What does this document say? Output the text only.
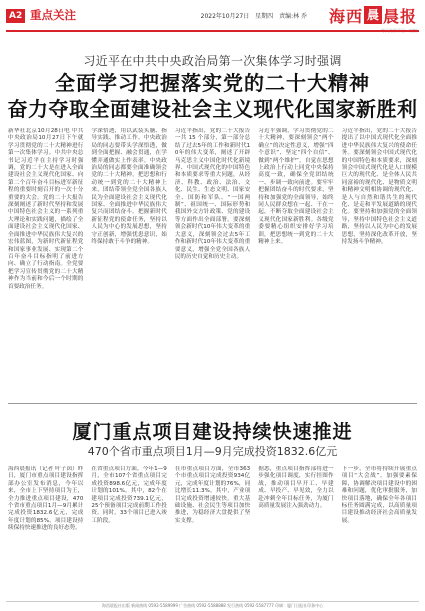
A2 重点关注	2022年10月27日 星期四 责编:林 乔 海西 晨 晨报
习近平在中共中央政治局第一次集体学习时强调
全面学习把握落实党的二十大精神
奋力夺取全面建设社会主义现代化国家新胜利
新华社北京10月28日电 中共中央政治局10月27日下午就学习贯彻党的二十大精神进行第一次集体学习。中共中央总书记习近平在主持学习时强调，党的二十大是在进入全面建设社会主义现代化国家、向第二个百年奋斗目标进军新征程的重要时刻召开的一次十分重要的大会。党的二十大报告深刻阐述了新时代坚持和发展中国特色社会主义的一系列重大理论和实践问题，描绘了全面建设社会主义现代化国家、全面推进中华民族伟大复兴的宏伟蓝图，为新时代新征程党和国家事业发展、实现第二个百年奋斗目标指明了前进方向、确立了行动指南。全党要把学习宣传贯彻党的二十大精神作为当前和今后一个时期的首要政治任务。
学深悟透，用以武装头脑、指导实践、推动工作。中央政治局的同志要带头学深悟透，做到全面把握、融会贯通，在学懂弄通做实上作表率。中央政治局的同志都要全面准确领会党的二十大精神，把思想和行动统一到党的二十大精神上来，团结带领全党全国各族人民为全面建设社会主义现代化国家、全面推进中华民族伟大复兴而团结奋斗。把握新时代新征程党的使命任务，坚持以人民为中心的发展思想，坚持守正创新，增强忧患意识，始终保持敢于斗争的精神。
习近平指出，党的二十大报告一共 15 个部分，第一部分总结了过去5年的工作和新时代10年的伟大变革，阐述了开辟马克思主义中国化时代化新境界、中国式现代化的中国特色和本质要求等重大问题，从经济、科教、政治、法治、文化、民生、生态文明、国家安全、国防和军队、“一国两制”、祖国统一、国际形势和我国外交方针政策、党的建设等方面作出全面部署。要深刻领会新时代10年伟大变革的重大意义，深刻领会过去5年工作和新时代10年伟大变革的重要意义，增强全党全国各族人民的历史自觉和历史主动。
习近平强调，学习贯彻党的二十大精神，要深刻领会“两个确立”的决定性意义，增强“四个意识”、坚定“四个自信”、做到“两个维护”，自觉在思想上政治上行动上同党中央保持高度一致，确保全党团结统一、步调一致向前进。要牢牢把握团结奋斗的时代要求，坚持和加强党的全面领导，始终同人民群众想在一起、干在一起，不断夺取全面建设社会主义现代化国家新胜利。各级党委要精心组织安排好学习培训，把思想统一到党的二十大精神上来。
习近平指出，党的二十大报告提出了以中国式现代化全面推进中华民族伟大复兴的使命任务。要深刻领会中国式现代化的中国特色和本质要求，深刻领会中国式现代化是人口规模巨大的现代化、是全体人民共同富裕的现代化、是物质文明和精神文明相协调的现代化、是人与自然和谐共生的现代化、是走和平发展道路的现代化。要坚持和加强党的全面领导，坚持中国特色社会主义道路，坚持以人民为中心的发展思想，坚持深化改革开放，坚持发扬斗争精神。
厦门重点项目建设持续快速推进
470个省市重点项目1月—9月完成投资1832.6亿元
海西晨报讯（记者 叶子茵）昨日，厦门市重点项目建设指挥部办公室发布消息，今年以来，全市上下坚持项目为王，全力推进重点项目建设，470个省市重点项目1月—9月累计完成投资1832.6亿元，完成年度计划的85%，项目建设持续保持快速推进的良好态势。
在省重点项目方面，今年1—9月，全市107个省重点项目完成投资898.6亿元，完成年度计划的101%。其中，82个在建项目完成投资739.1亿元，25个预备项目完成前期工作投资。同时，33个项目已进入竣工阶段。
在市重点项目方面，全市363个市重点项目完成投资934亿元，完成年度计划的76%，同比增长11.3%。其中，产业项目完成投资增速较快，重大基础设施、社会民生等项目加快推进，为稳经济大盘提供了坚实支撑。
据悉，重点项目指挥部将进一步强化项目调度，实行挂图作战，推动项目早开工、早建成、早投产、早见效，全力以赴冲刺全年目标任务，为厦门高质量发展注入强劲动力。
下一步，全市将持续开展重点项目“大会战”，加强要素保障，协调解决项目建设中的困难和问题，优化审批服务，加快项目落地，确保全年各项目标任务圆满完成，以高质量项目建设推动经济社会高质量发展。
海西晨报社出版 新闻热线 0592-5589999 广告热线 0592-5588888 发行热线 0592-5587777 印刷：厦门日报社印务中心
